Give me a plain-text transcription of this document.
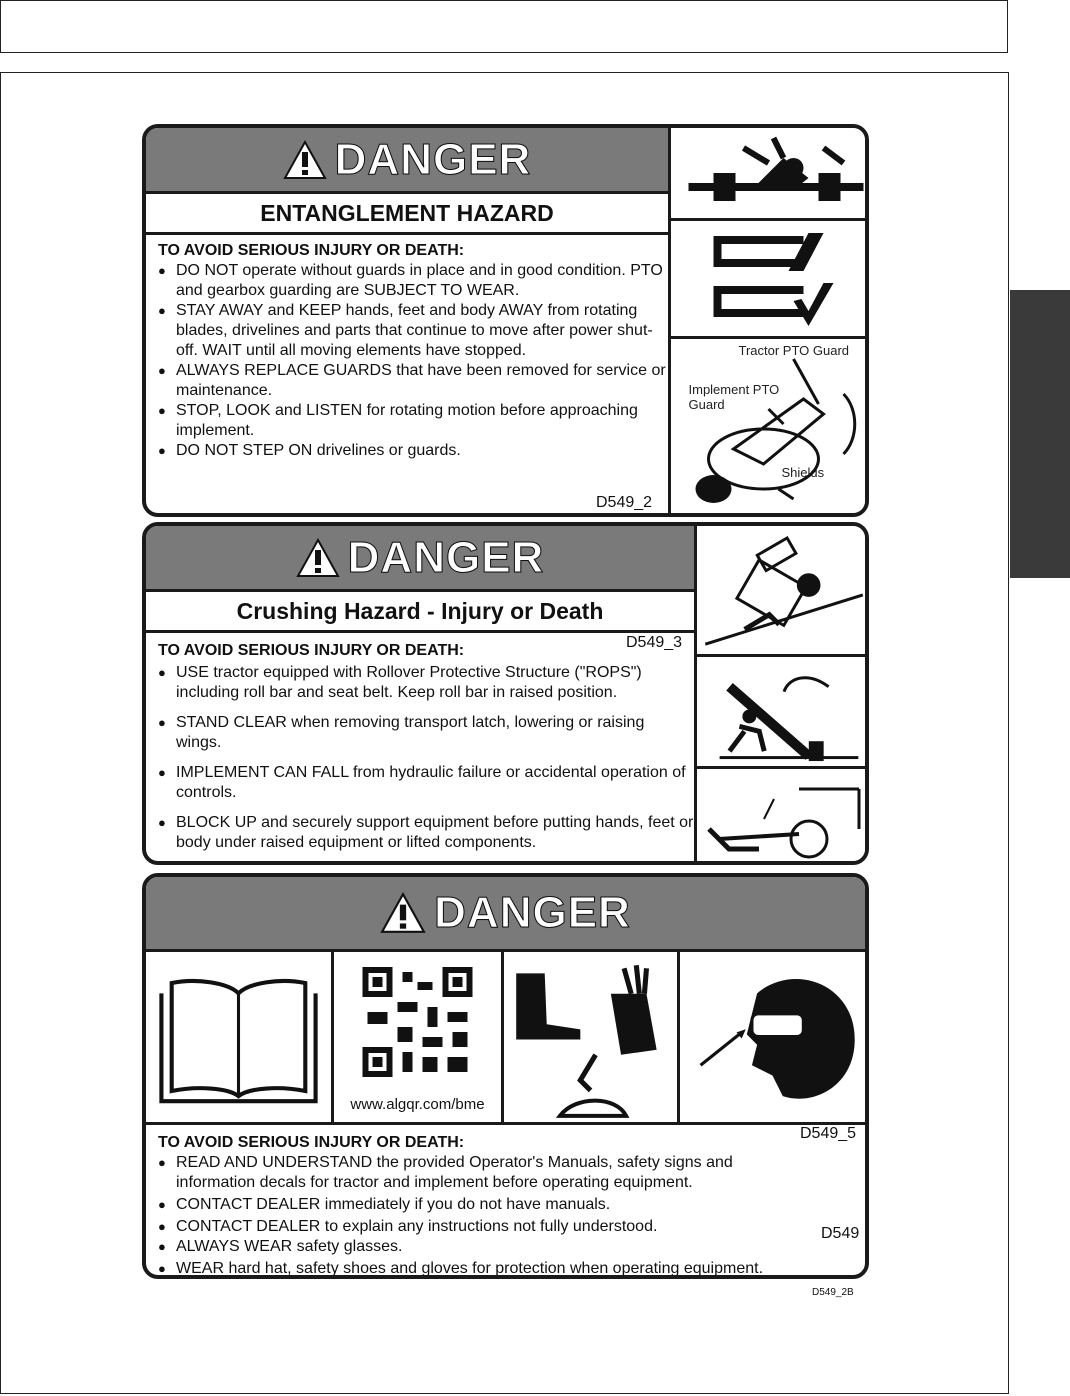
DANGER
ENTANGLEMENT HAZARD
TO AVOID SERIOUS INJURY OR DEATH:
● DO NOT operate without guards in place and in good condition. PTO and gearbox guarding are SUBJECT TO WEAR.
● STAY AWAY and KEEP hands, feet and body AWAY from rotating blades, drivelines and parts that continue to move after power shut-off. WAIT until all moving elements have stopped.
● ALWAYS REPLACE GUARDS that have been removed for service or maintenance.
● STOP, LOOK and LISTEN for rotating motion before approaching implement.
● DO NOT STEP ON drivelines or guards.
D549_2
Tractor PTO Guard
Implement PTO
Guard
Shields
DANGER
Crushing Hazard - Injury or Death
D549_3
TO AVOID SERIOUS INJURY OR DEATH:
● USE tractor equipped with Rollover Protective Structure ("ROPS") including roll bar and seat belt. Keep roll bar in raised position.
● STAND CLEAR when removing transport latch, lowering or raising wings.
● IMPLEMENT CAN FALL from hydraulic failure or accidental operation of controls.
● BLOCK UP and securely support equipment before putting hands, feet or body under raised equipment or lifted components.
DANGER
www.algqr.com/bme
TO AVOID SERIOUS INJURY OR DEATH:
● READ AND UNDERSTAND the provided Operator's Manuals, safety signs and information decals for tractor and implement before operating equipment.
● CONTACT DEALER immediately if you do not have manuals.
● CONTACT DEALER to explain any instructions not fully understood.
● ALWAYS WEAR safety glasses.
● WEAR hard hat, safety shoes and gloves for protection when operating equipment.
D549_5
D549
D549_2B
